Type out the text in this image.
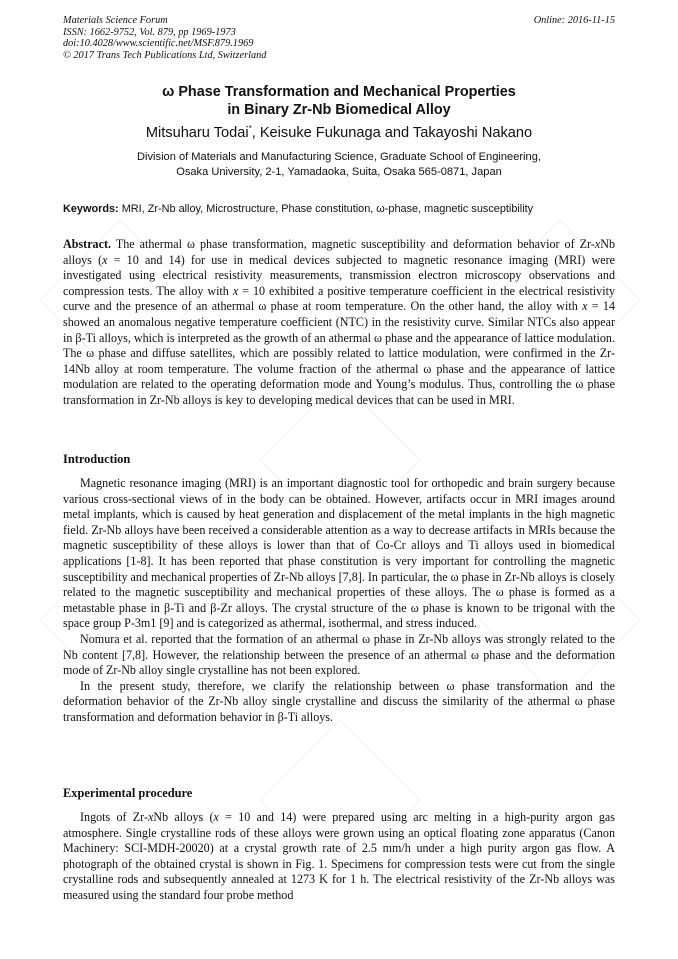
Materials Science Forum
ISSN: 1662-9752, Vol. 879, pp 1969-1973
doi:10.4028/www.scientific.net/MSF.879.1969
© 2017 Trans Tech Publications Ltd, Switzerland
Online: 2016-11-15
ω Phase Transformation and Mechanical Properties
in Binary Zr-Nb Biomedical Alloy
Mitsuharu Todai*, Keisuke Fukunaga and Takayoshi Nakano
Division of Materials and Manufacturing Science, Graduate School of Engineering,
Osaka University, 2-1, Yamadaoka, Suita, Osaka 565-0871, Japan
Keywords: MRI, Zr-Nb alloy, Microstructure, Phase constitution, ω-phase, magnetic susceptibility
Abstract. The athermal ω phase transformation, magnetic susceptibility and deformation behavior of Zr-xNb alloys (x = 10 and 14) for use in medical devices subjected to magnetic resonance imaging (MRI) were investigated using electrical resistivity measurements, transmission electron microscopy observations and compression tests. The alloy with x = 10 exhibited a positive temperature coefficient in the electrical resistivity curve and the presence of an athermal ω phase at room temperature. On the other hand, the alloy with x = 14 showed an anomalous negative temperature coefficient (NTC) in the resistivity curve. Similar NTCs also appear in β-Ti alloys, which is interpreted as the growth of an athermal ω phase and the appearance of lattice modulation. The ω phase and diffuse satellites, which are possibly related to lattice modulation, were confirmed in the Zr-14Nb alloy at room temperature. The volume fraction of the athermal ω phase and the appearance of lattice modulation are related to the operating deformation mode and Young’s modulus. Thus, controlling the ω phase transformation in Zr-Nb alloys is key to developing medical devices that can be used in MRI.
Introduction

Magnetic resonance imaging (MRI) is an important diagnostic tool for orthopedic and brain surgery because various cross-sectional views of in the body can be obtained. However, artifacts occur in MRI images around metal implants, which is caused by heat generation and displacement of the metal implants in the high magnetic field. Zr-Nb alloys have been received a considerable attention as a way to decrease artifacts in MRIs because the magnetic susceptibility of these alloys is lower than that of Co-Cr alloys and Ti alloys used in biomedical applications [1-8]. It has been reported that phase constitution is very important for controlling the magnetic susceptibility and mechanical properties of Zr-Nb alloys [7,8]. In particular, the ω phase in Zr-Nb alloys is closely related to the magnetic susceptibility and mechanical properties of these alloys. The ω phase is formed as a metastable phase in β-Ti and β-Zr alloys. The crystal structure of the ω phase is known to be trigonal with the space group P-3m1 [9] and is categorized as athermal, isothermal, and stress induced.

Nomura et al. reported that the formation of an athermal ω phase in Zr-Nb alloys was strongly related to the Nb content [7,8]. However, the relationship between the presence of an athermal ω phase and the deformation mode of Zr-Nb alloy single crystalline has not been explored.

In the present study, therefore, we clarify the relationship between ω phase transformation and the deformation behavior of the Zr-Nb alloy single crystalline and discuss the similarity of the athermal ω phase transformation and deformation behavior in β-Ti alloys.

Experimental procedure
Ingots of Zr-xNb alloys (x = 10 and 14) were prepared using arc melting in a high-purity argon gas atmosphere. Single crystalline rods of these alloys were grown using an optical floating zone apparatus (Canon Machinery: SCI-MDH-20020) at a crystal growth rate of 2.5 mm/h under a high purity argon gas flow. A photograph of the obtained crystal is shown in Fig. 1. Specimens for compression tests were cut from the single crystalline rods and subsequently annealed at 1273 K for 1 h. The electrical resistivity of the Zr-Nb alloys was measured using the standard four probe method
